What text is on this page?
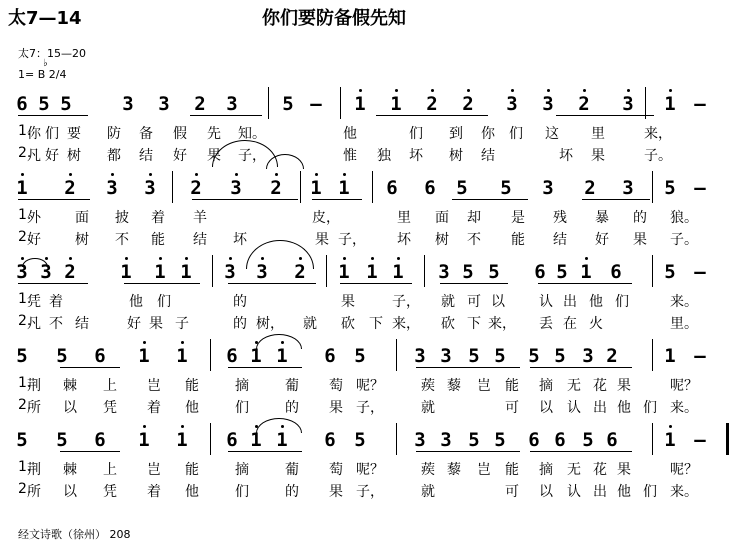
太7—14	你们要防备假先知
太7：15—20
♭
1= B 2/4
6 5 5	3 3 2 3 5 – 1 1 2 2 3 3 2 3 1 –
1.
你 们 要 防 备 假 先 知。	他	们 到 你 们 这 里	来，
2.
凡 好 树 都 结 好 果 子，	惟 独 坏 树 结	坏 果	子。
1 2 3 3 2 3 2 1 1 6 6 5 5 3 2 3 5 –
1.
外 面 披 着 羊	皮，	里 面 却 是 残 暴 的 狼。
2.
好 树 不 能 结 坏	果 子， 坏 树 不 能 结 好 果 子。
3 3 2 1 1 1 3 3 2 1 1 1 3 5 5 6 5 1 6 5 –
1.
凭 着	他 们	的	果	子， 就 可 以 认 出 他 们	来。
2.
凡 不 结	好 果 子	的 树， 就 砍 下 来， 砍 下 来， 丢 在 火	里。
5 5 6 1 1 6 1 1 6 5	3 3 5 5 5 5 3 2 1 –
1.
荆 棘 上 岂 能	摘	葡 萄 呢？	蒺 藜 岂 能 摘 无 花 果	呢？
2.
所 以 凭 着 他	们	的 果 子，	就	可 以 认 出 他 们 来。
5 5 6 1 1 6 1 1 6 5	3 3 5 5 6 6 5 6 1 –
1.
荆 棘 上 岂 能	摘	葡 萄 呢？	蒺 藜 岂 能 摘 无 花 果	呢？
2.
所 以 凭 着 他	们	的 果 子，	就	可 以 认 出 他 们 来。
经文诗歌（徐州） 208
